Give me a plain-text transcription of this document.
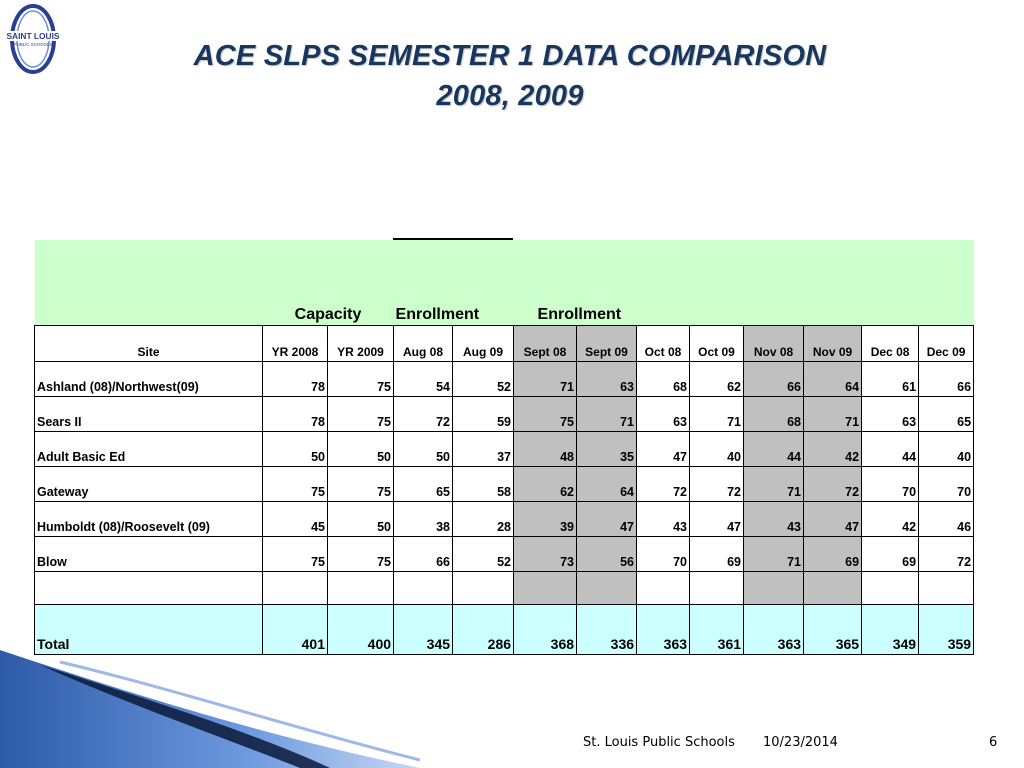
SAINT LOUIS
PUBLIC SCHOOLS	ACE SLPS SEMESTER 1 DATA COMPARISON
2008, 2009
	Capacity		Enrollment		Enrollment							
Site	YR 2008	YR 2009	Aug 08	Aug 09	Sept 08	Sept 09	Oct 08	Oct 09	Nov 08	Nov 09	Dec 08	Dec 09
Ashland (08)/Northwest(09)	78	75	54	52	71	63	68	62	66	64	61	66
Sears II	78	75	72	59	75	71	63	71	68	71	63	65
Adult Basic Ed	50	50	50	37	48	35	47	40	44	42	44	40
Gateway	75	75	65	58	62	64	72	72	71	72	70	70
Humboldt (08)/Roosevelt (09)	45	50	38	28	39	47	43	47	43	47	42	46
Blow	75	75	66	52	73	56	70	69	71	69	69	72

Total	401	400	345	286	368	336	363	361	363	365	349	359
St. Louis Public Schools 10/23/2014	6
